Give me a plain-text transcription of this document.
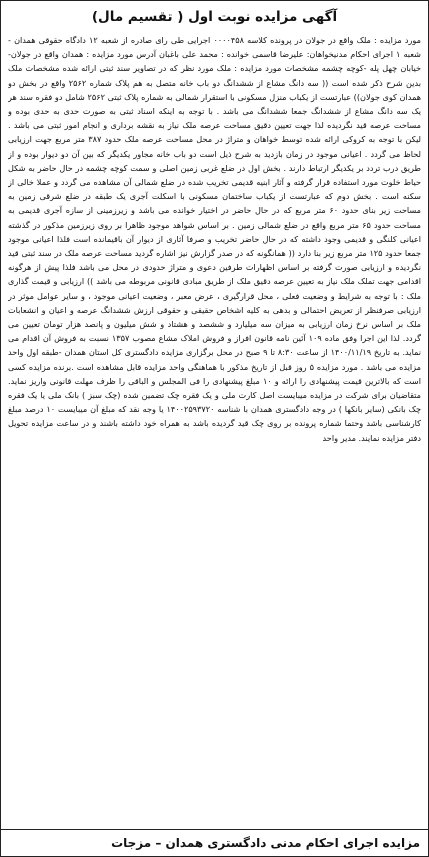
آگهی مزایده نوبت اول ( تقسیم مال)
مورد مزایده : ملک واقع در جولان در پرونده کلاسه ۰۰۰۰۴۵۸ اجرایی طی رای صادره از شعبه ۱۲ دادگاه حقوقی همدان - شعبه ۱ اجرای احکام مدنیخواهان: علیرضا قاسمی خوانده : محمد علی باغبان آدرس مورد مزایده : همدان واقع در جولان- خیابان چهل پله -کوچه چشمه مشخصات مورد مزایده : ملک مورد نظر که در تصاویر سند ثبتی ارائه شده مشخصات ملک بدین شرح ذکر شده است (( سه دانگ مشاع از ششدانگ دو باب خانه متصل به هم پلاک شماره ۲۵۶۲ واقع در بخش دو همدان کوی جولان)) عبارتست از یکباب منزل مسکونی با استقرار شمالی به شماره پلاک ثبتی ۲۵۶۲ شامل دو فقره سند هر یک سه دانگ مشاع از ششدانگ جمعا ششدانگ می باشد . با توجه به اینکه اسناد ثبتی به صورت حدی به حدی بوده و مساحت عرصه قید نگردیده لذا جهت تعیین دقیق مساحت عرصه ملک نیاز به نقشه برداری و انجام امور ثبتی می باشد . لیکن با توجه به کروکی ارائه شده توسط خواهان و متراژ در محل مساحت عرصه ملک حدود ۳۸۷ متر مربع جهت ارزیابی لحاظ می گردد . اعیانی موجود در زمان بازدید به شرح ذیل است دو باب خانه مجاور یکدیگر که بین آن دو دیوار بوده و از طریق درب تردد بر یکدیگر ارتباط دارند . بخش اول در ضلع غربی زمین اصلی و سمت کوچه چشمه در حال حاضر به شکل حیاط خلوت مورد استفاده قرار گرفته و آثار ابنیه قدیمی تخریب شده در ضلع شمالی آن مشاهده می گردد و عملا خالی از سکنه است . بخش دوم که عبارتست از یکباب ساختمان مسکونی با اسکلت آجری یک طبقه در ضلع شرقی زمین به مساحت زیر بنای حدود ۶۰ متر مربع که در حال حاضر در اختیار خوانده می باشد و زیرزمینی از سازه آجری قدیمی به مساحت حدود ۶۵ متر مربع واقع در ضلع شمالی زمین . بر اساس شواهد موجود ظاهرا بر روی زیرزمین مذکور در گذشته اعیانی کلنگی و قدیمی وجود داشته که در حال حاضر تخریب و صرفا آثاری از دیوار آن باقیمانده است فلذا اعیانی موجود جمعا حدود ۱۲۵ متر مربع زیر بنا دارد (( همانگونه که در صدر گزارش نیز اشاره گردید مساحت عرصه ملک در سند ثبتی قید نگردیده و ارزیابی صورت گرفته بر اساس اظهارات طرفین دعوی و متراژ حدودی در محل می باشد فلذا پیش از هرگونه اقدامی جهت تملک ملک نیاز به تعیین عرصه دقیق ملک از طریق مبادی قانونی مربوطه می باشد )) ارزیابی و قیمت گذاری ملک : با توجه به شرایط و وضعیت فعلی ، محل قرارگیری ، عرض معبر ، وضعیت اعیانی موجود ، و سایر عوامل موثر در ارزیابی صرفنظر از تعریض احتمالی و بدهی به کلیه اشخاص حقیقی و حقوقی ارزش ششدانگ عرصه و اعیان و انشعابات ملک بر اساس نرخ زمان ارزیابی به میزان سه میلیارد و ششصد و هشتاد و شش میلیون و پانصد هزار تومان تعیین می گردد. لذا این اجرا وفق ماده ۱۰۹ آئین نامه قانون افراز و فروش املاک مشاع مصوب ۱۳۵۷ نسبت به فروش آن اقدام می نماید. به تاریخ ۱۴۰۰/۱۱/۱۹ از ساعت ۸:۳۰ تا ۹ صبح در محل برگزاری مزایده دادگستری کل استان همدان -طبقه اول واحد مزایده می باشد . مورد مزایده ۵ روز قبل از تاریخ مذکور با هماهنگی واحد مزایده قابل مشاهده است .برنده مزایده کسی است که بالاترین قیمت پیشنهادی را ارائه و ۱۰ مبلغ پیشنهادی را فی المجلس و الباقی را ظرف مهلت قانونی واریز نماید. متقاضیان برای شرکت در مزایده میبایست اصل کارت ملی و یک فقره چک تضمین شده (چک سبز ) بانک ملی یا یک فقره چک بانکی (سایر بانکها ) در وجه دادگستری همدان با شناسه ۱۴۰۰۲۵۹۳۷۲۰ یا وجه نقد که مبلغ آن میبایست ۱۰ درصد مبلغ کارشناسی باشد وحتما شماره پرونده بر روی چک قید گردیده باشد به همراه خود داشته باشند و در ساعت مزایده تحویل دفتر مزایده نمایند. مدیر واحد
مزایده اجرای احکام مدنی دادگستری همدان – مزجات
